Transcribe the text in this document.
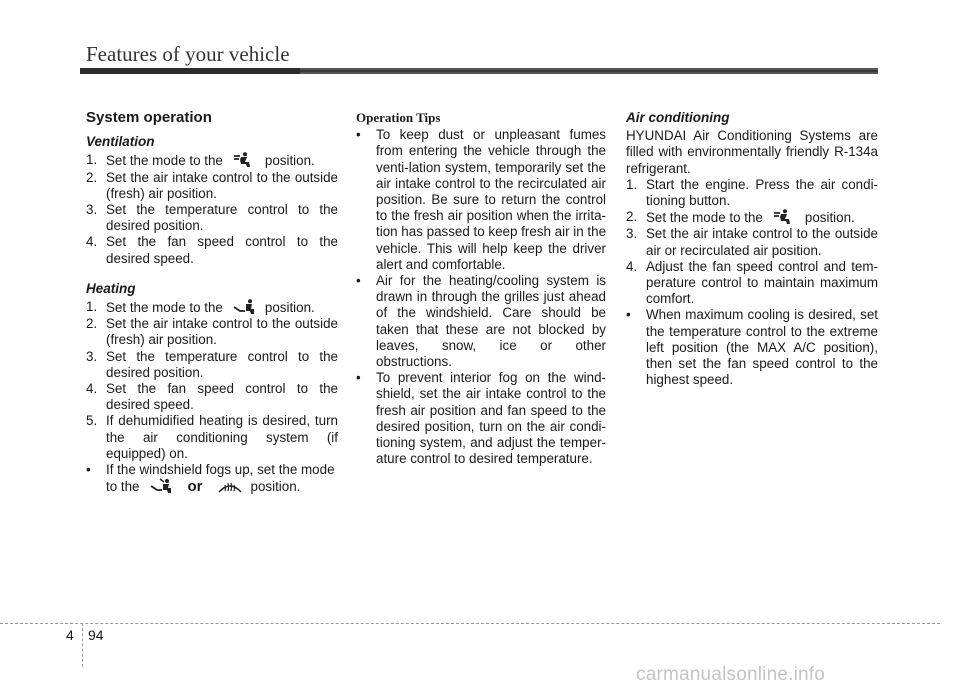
Features of your vehicle
System operation
Ventilation
1. Set the mode to the	position.
2. Set the air intake control to the outside (fresh) air position.
3. Set the temperature control to the desired position.
4. Set the fan speed control to the desired speed.
Heating
1. Set the mode to the	position.
2. Set the air intake control to the outside (fresh) air position.
3. Set the temperature control to the desired position.
4. Set the fan speed control to the desired speed.
5. If dehumidified heating is desired, turn the air conditioning system (if equipped) on.
• If the windshield fogs up, set the mode
to the	or	position.
Operation Tips
• To keep dust or unpleasant fumes from entering the vehicle through the venti-lation system, temporarily set the air intake control to the recirculated air position. Be sure to return the control to the fresh air position when the irrita-tion has passed to keep fresh air in the vehicle. This will help keep the driver alert and comfortable.
• Air for the heating/cooling system is drawn in through the grilles just ahead of the windshield. Care should be taken that these are not blocked by leaves, snow, ice or other obstructions.
• To prevent interior fog on the wind-shield, set the air intake control to the fresh air position and fan speed to the desired position, turn on the air condi-tioning system, and adjust the temper-ature control to desired temperature.
Air conditioning
HYUNDAI Air Conditioning Systems are filled with environmentally friendly R-134a refrigerant.
1. Start the engine. Press the air condi-tioning button.
2. Set the mode to the	position.
3. Set the air intake control to the outside air or recirculated air position.
4. Adjust the fan speed control and tem-perature control to maintain maximum comfort.
• When maximum cooling is desired, set the temperature control to the extreme left position (the MAX A/C position), then set the fan speed control to the highest speed.
4 94
carmanualsonline.info
